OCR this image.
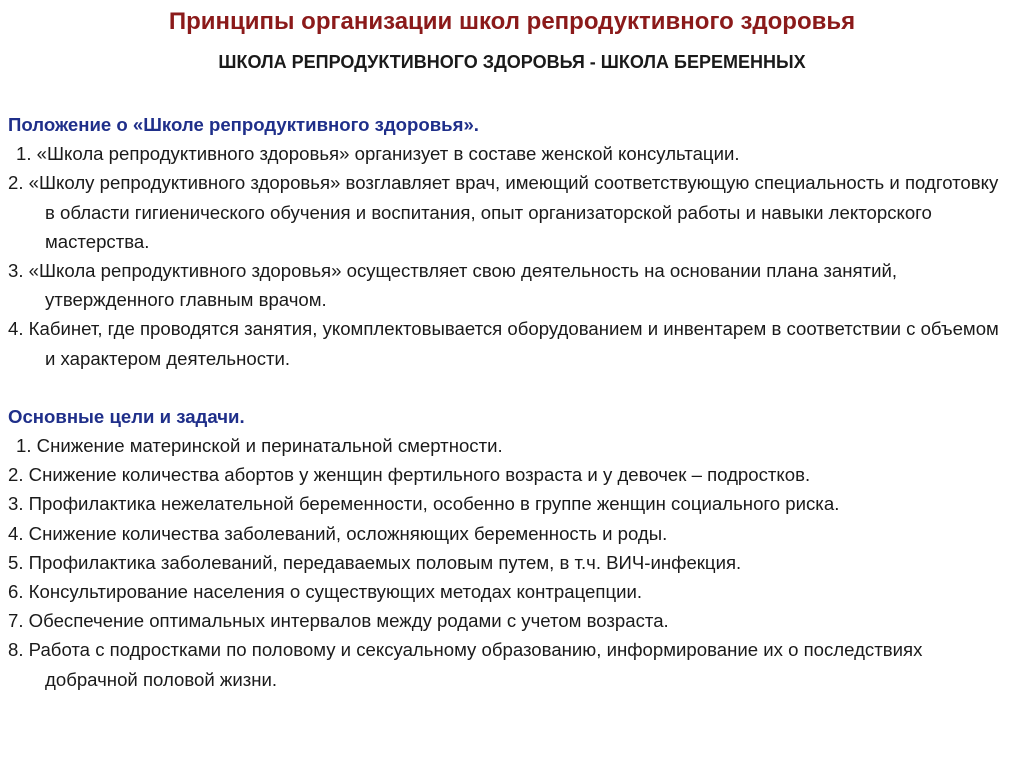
Принципы организации школ репродуктивного здоровья
ШКОЛА РЕПРОДУКТИВНОГО ЗДОРОВЬЯ - ШКОЛА БЕРЕМЕННЫХ

Положение о «Школе репродуктивного здоровья».

1. «Школа репродуктивного здоровья» организует в составе женской консультации.

2. «Школу репродуктивного здоровья» возглавляет врач, имеющий соответствующую специальность и подготовку в области гигиенического обучения и воспитания, опыт организаторской работы и навыки лекторского мастерства.

3. «Школа репродуктивного здоровья» осуществляет свою деятельность на основании плана занятий, утвержденного главным врачом.

4. Кабинет, где проводятся занятия, укомплектовывается оборудованием и инвентарем в соответствии с объемом и характером деятельности.

Основные цели и задачи.

1. Снижение материнской и перинатальной смертности.

2. Снижение количества абортов у женщин фертильного возраста и у девочек – подростков.

3. Профилактика нежелательной беременности, особенно в группе женщин социального риска.

4. Снижение количества заболеваний, осложняющих беременность и роды.

5. Профилактика заболеваний, передаваемых половым путем, в т.ч. ВИЧ-инфекция.

6. Консультирование населения о существующих методах контрацепции.

7. Обеспечение оптимальных интервалов между родами с учетом возраста.

8. Работа с подростками по половому и сексуальному образованию, информирование их о последствиях добрачной половой жизни.
